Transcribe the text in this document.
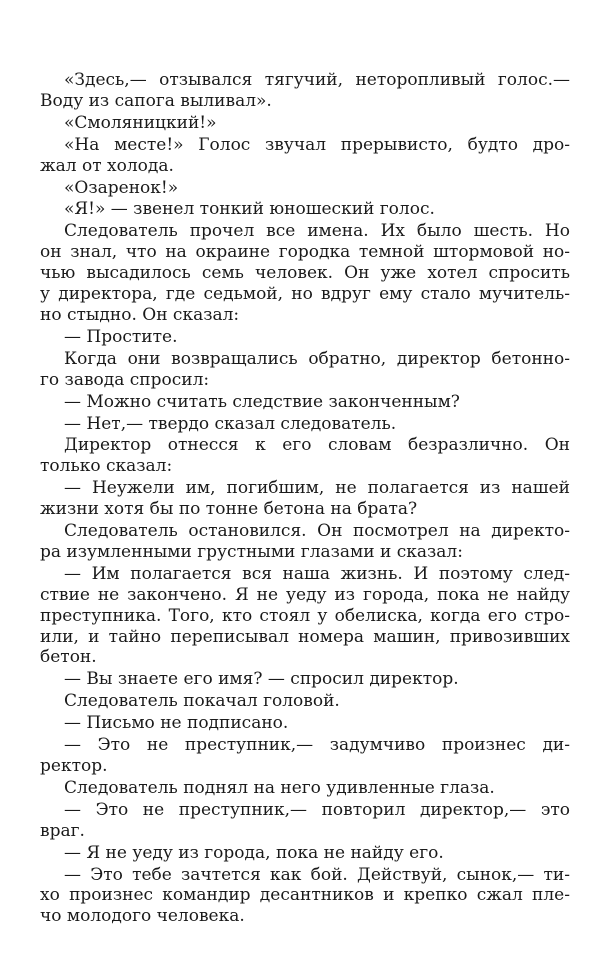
«Здесь,— отзывался тягучий, неторопливый голос.—
Воду из сапога выливал».
«Смоляницкий!»
«На месте!» Голос звучал прерывисто, будто дро-
жал от холода.
«Озаренок!»
«Я!» — звенел тонкий юношеский голос.
Следователь прочел все имена. Их было шесть. Но
он знал, что на окраине городка темной штормовой но-
чью высадилось семь человек. Он уже хотел спросить
у директора, где седьмой, но вдруг ему стало мучитель-
но стыдно. Он сказал:
— Простите.
Когда они возвращались обратно, директор бетонно-
го завода спросил:
— Можно считать следствие законченным?
— Нет,— твердо сказал следователь.
Директор отнесся к его словам безразлично. Он
только сказал:
— Неужели им, погибшим, не полагается из нашей
жизни хотя бы по тонне бетона на брата?
Следователь остановился. Он посмотрел на директо-
ра изумленными грустными глазами и сказал:
— Им полагается вся наша жизнь. И поэтому след-
ствие не закончено. Я не уеду из города, пока не найду
преступника. Того, кто стоял у обелиска, когда его стро-
или, и тайно переписывал номера машин, привозивших
бетон.
— Вы знаете его имя? — спросил директор.
Следователь покачал головой.
— Письмо не подписано.
— Это не преступник,— задумчиво произнес ди-
ректор.
Следователь поднял на него удивленные глаза.
— Это не преступник,— повторил директор,— это
враг.
— Я не уеду из города, пока не найду его.
— Это тебе зачтется как бой. Действуй, сынок,— ти-
хо произнес командир десантников и крепко сжал пле-
чо молодого человека.
